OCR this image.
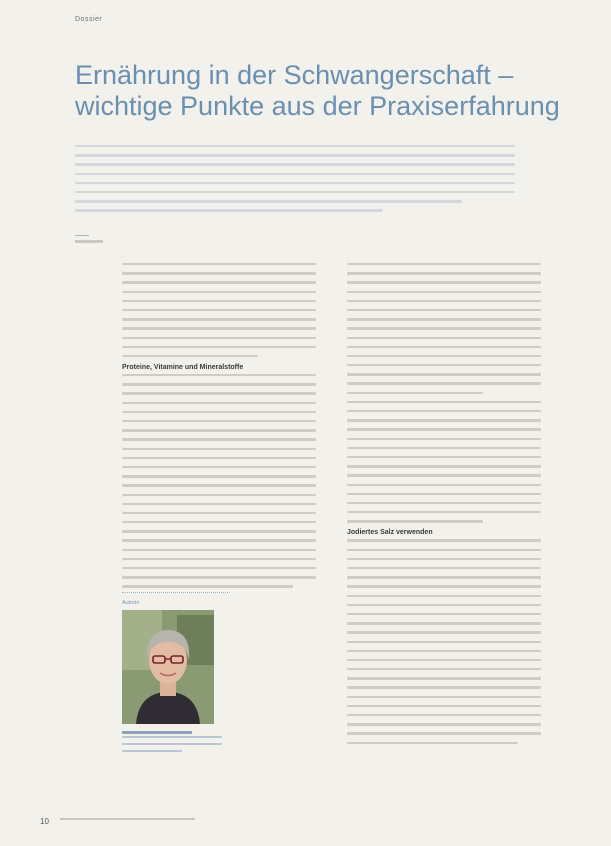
Dossier
Ernährung in der Schwangerschaft – wichtige Punkte aus der Praxiserfahrung
Proteine, Vitamine und Mineralstoffe
Autorin
Jodiertes Salz verwenden
10
